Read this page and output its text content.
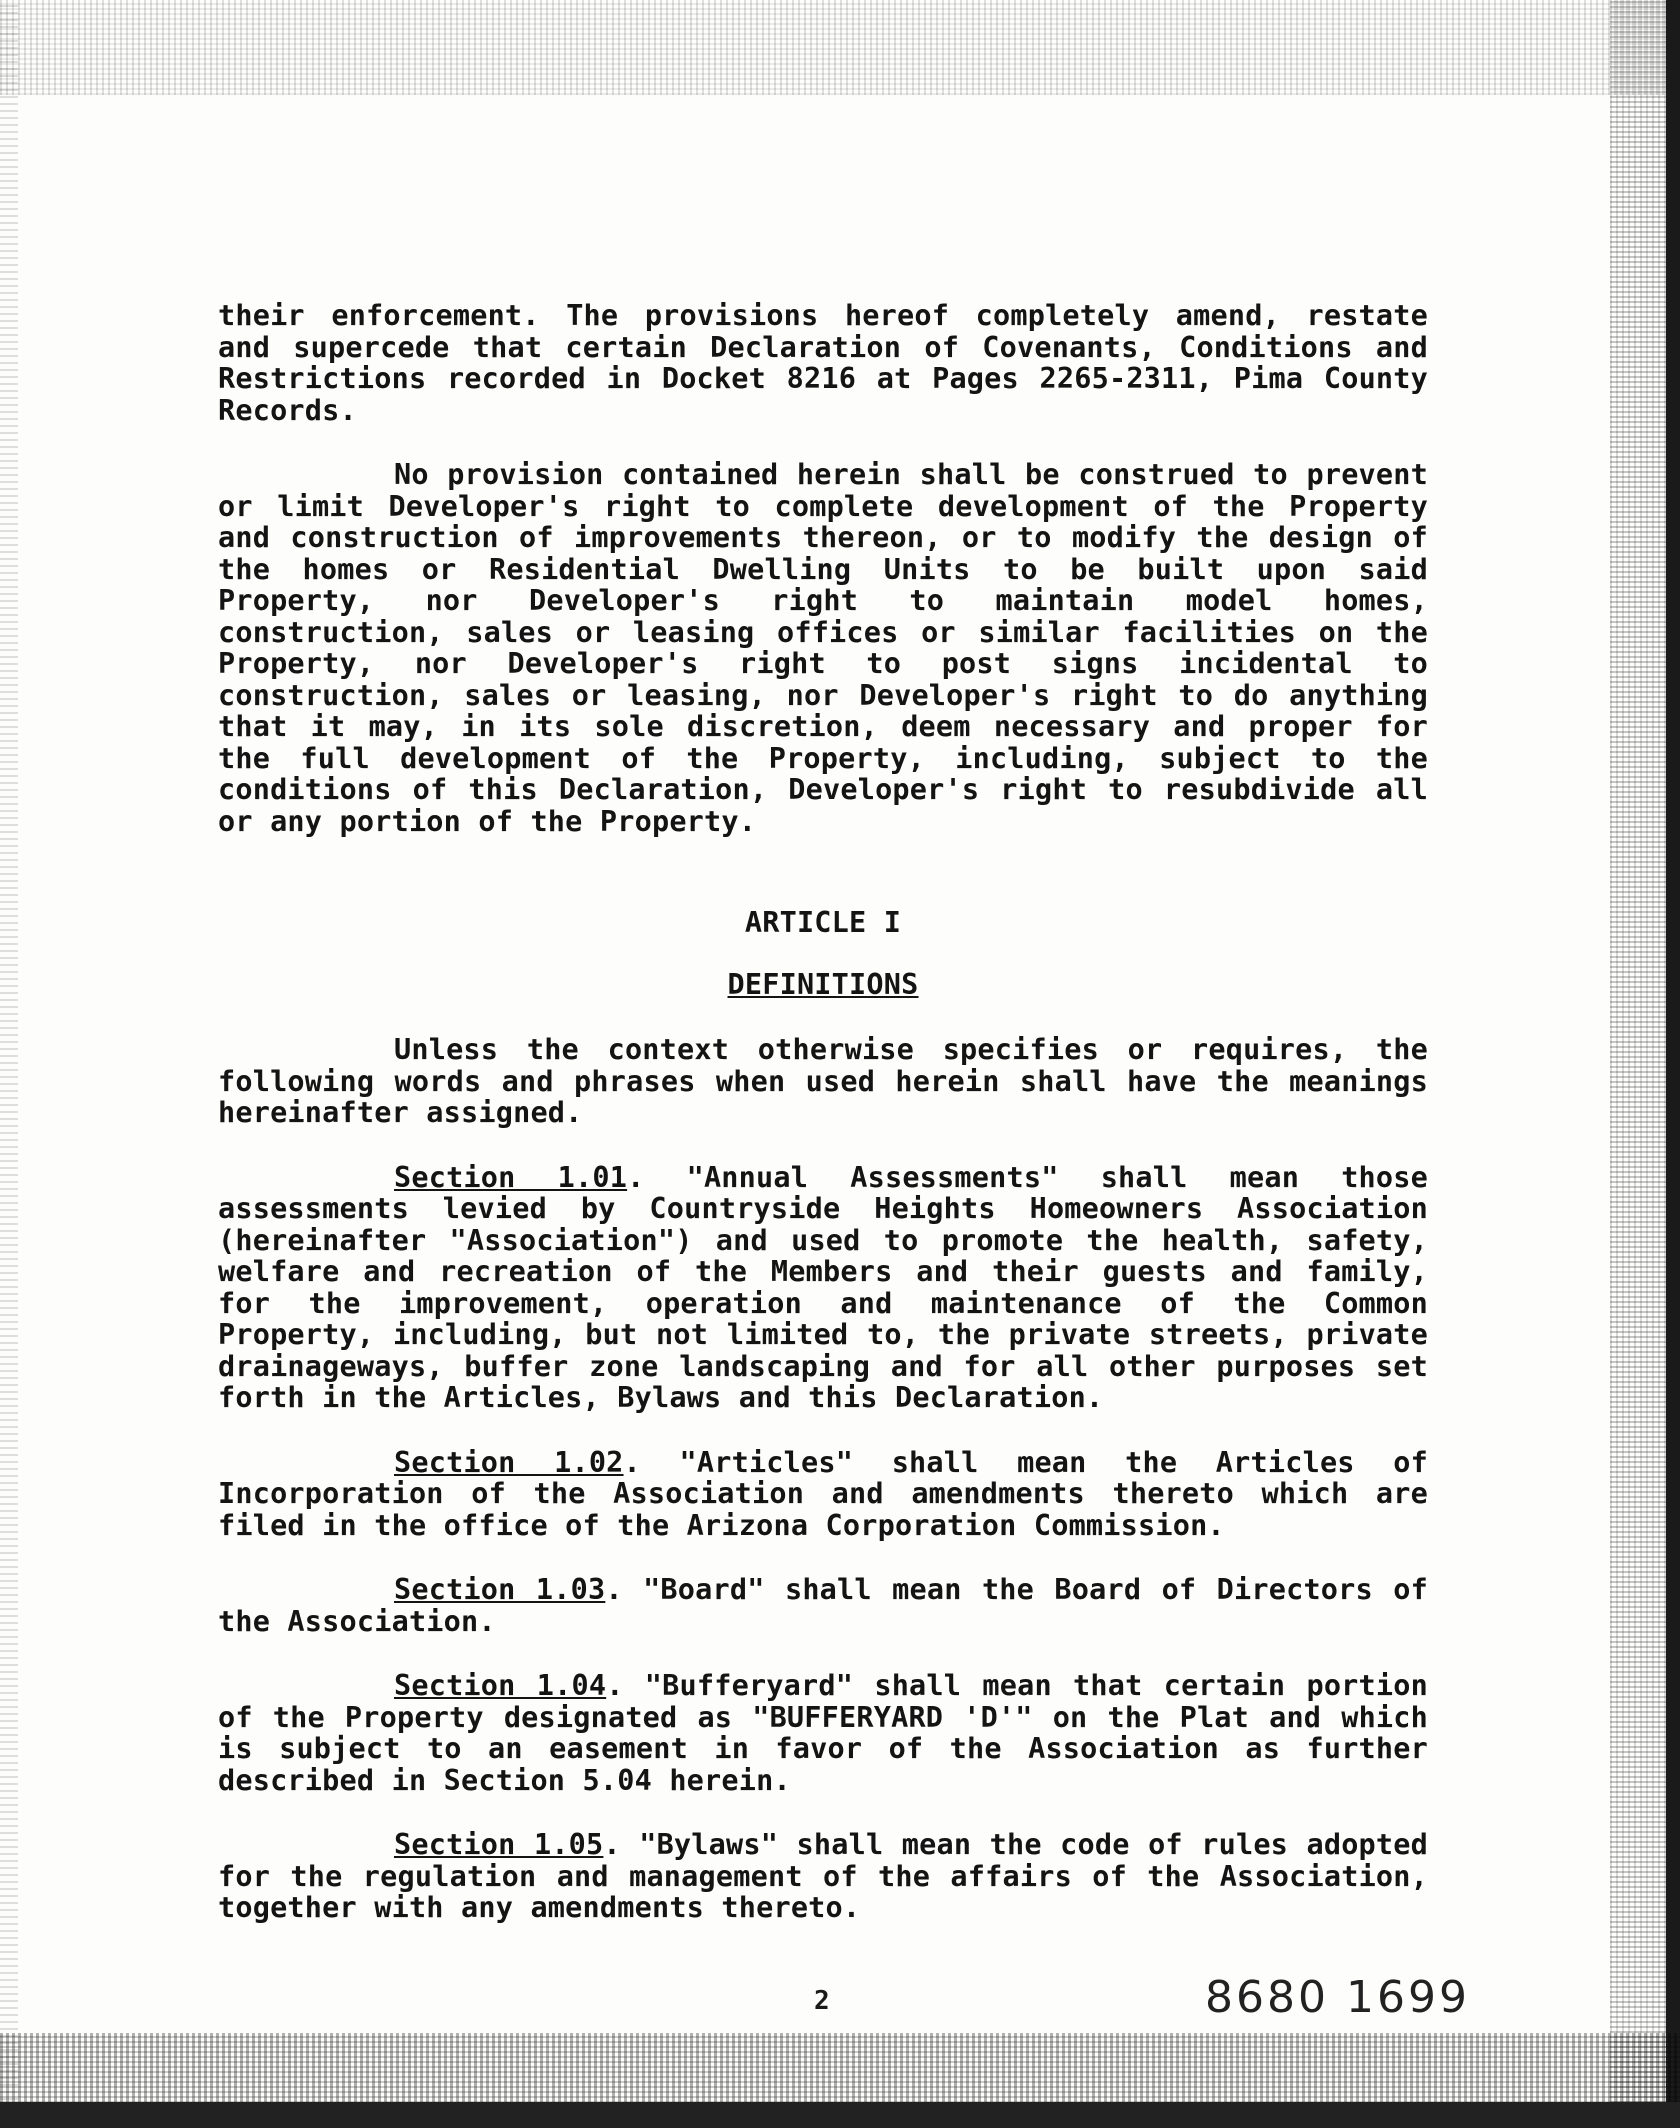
their enforcement. The provisions hereof completely amend, restate and supercede that certain Declaration of Covenants, Conditions and Restrictions recorded in Docket 8216 at Pages 2265-2311, Pima County Records.

No provision contained herein shall be construed to prevent or limit Developer's right to complete development of the Property and construction of improvements thereon, or to modify the design of the homes or Residential Dwelling Units to be built upon said Property, nor Developer's right to maintain model homes, construction, sales or leasing offices or similar facilities on the Property, nor Developer's right to post signs incidental to construction, sales or leasing, nor Developer's right to do anything that it may, in its sole discretion, deem necessary and proper for the full development of the Property, including, subject to the conditions of this Declaration, Developer's right to resubdivide all or any portion of the Property.

ARTICLE I
DEFINITIONS

Unless the context otherwise specifies or requires, the following words and phrases when used herein shall have the meanings hereinafter assigned.

Section 1.01. "Annual Assessments" shall mean those assessments levied by Countryside Heights Homeowners Association (hereinafter "Association") and used to promote the health, safety, welfare and recreation of the Members and their guests and family, for the improvement, operation and maintenance of the Common Property, including, but not limited to, the private streets, private drainageways, buffer zone landscaping and for all other purposes set forth in the Articles, Bylaws and this Declaration.

Section 1.02. "Articles" shall mean the Articles of Incorporation of the Association and amendments thereto which are filed in the office of the Arizona Corporation Commission.

Section 1.03. "Board" shall mean the Board of Directors of the Association.

Section 1.04. "Bufferyard" shall mean that certain portion of the Property designated as "BUFFERYARD 'D'" on the Plat and which is subject to an easement in favor of the Association as further described in Section 5.04 herein.

Section 1.05. "Bylaws" shall mean the code of rules adopted for the regulation and management of the affairs of the Association, together with any amendments thereto.

2	8680 1699
